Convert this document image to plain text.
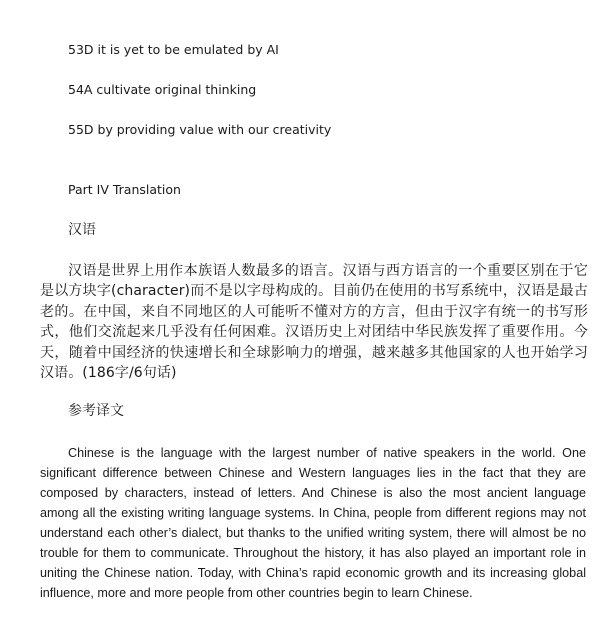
53D it is yet to be emulated by AI
54A cultivate original thinking
55D by providing value with our creativity
Part IV Translation
汉语
汉语是世界上用作本族语人数最多的语言。汉语与西方语言的一个重要区别在于它是以方块字(character)而不是以字母构成的。目前仍在使用的书写系统中，汉语是最古老的。在中国，来自不同地区的人可能听不懂对方的方言，但由于汉字有统一的书写形式，他们交流起来几乎没有任何困难。汉语历史上对团结中华民族发挥了重要作用。今天，随着中国经济的快速增长和全球影响力的增强，越来越多其他国家的人也开始学习汉语。(186字/6句话)
参考译文
Chinese is the language with the largest number of native speakers in the world. One significant difference between Chinese and Western languages lies in the fact that they are composed by characters, instead of letters. And Chinese is also the most ancient language among all the existing writing language systems. In China, people from different regions may not understand each other’s dialect, but thanks to the unified writing system, there will almost be no trouble for them to communicate. Throughout the history, it has also played an important role in uniting the Chinese nation. Today, with China’s rapid economic growth and its increasing global influence, more and more people from other countries begin to learn Chinese.
